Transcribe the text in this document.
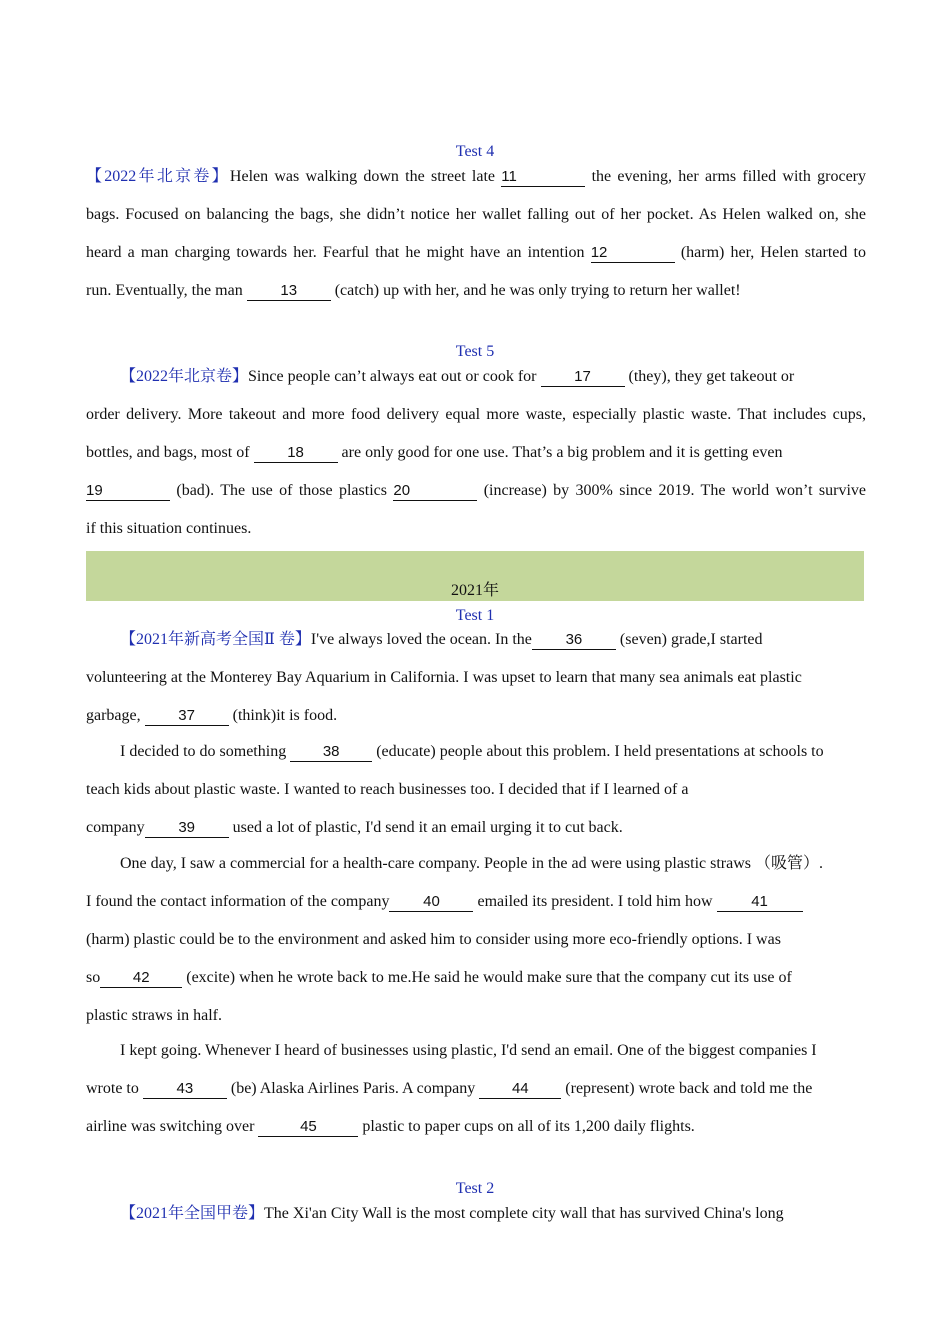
Test 4
【2022年北京卷】Helen was walking down the street late 11	the evening, her arms filled with grocery
bags. Focused on balancing the bags, she didn’t notice her wallet falling out of her pocket. As Helen walked on, she
heard a man charging towards her. Fearful that he might have an intention 12	(harm) her, Helen started to
run. Eventually, the man 13 (catch) up with her, and he was only trying to return her wallet!
Test 5
【2022年北京卷】Since people can’t always eat out or cook for 17 (they), they get takeout or
order delivery. More takeout and more food delivery equal more waste, especially plastic waste. That includes cups,
bottles, and bags, most of 18 are only good for one use. That’s a big problem and it is getting even
19	(bad). The use of those plastics 20	(increase) by 300% since 2019. The world won’t survive
if this situation continues.
2021年
Test 1
【2021年新高考全国Ⅱ 卷】I've always loved the ocean. In the 36 (seven) grade,I started
volunteering at the Monterey Bay Aquarium in California. I was upset to learn that many sea animals eat plastic
garbage, 37 (think)it is food.
I decided to do something 38 (educate) people about this problem. I held presentations at schools to
teach kids about plastic waste. I wanted to reach businesses too. I decided that if I learned of a
company 39 used a lot of plastic, I'd send it an email urging it to cut back.
One day, I saw a commercial for a health-care company. People in the ad were using plastic straws （吸管）.
I found the contact information of the company 40 emailed its president. I told him how 41
(harm) plastic could be to the environment and asked him to consider using more eco-friendly options. I was
so 42 (excite) when he wrote back to me.He said he would make sure that the company cut its use of
plastic straws in half.
I kept going. Whenever I heard of businesses using plastic, I'd send an email. One of the biggest companies I
wrote to 43 (be) Alaska Airlines Paris. A company 44 (represent) wrote back and told me the
airline was switching over	45	plastic to paper cups on all of its 1,200 daily flights.
Test 2
【2021年全国甲卷】The Xi'an City Wall is the most complete city wall that has survived China's long
